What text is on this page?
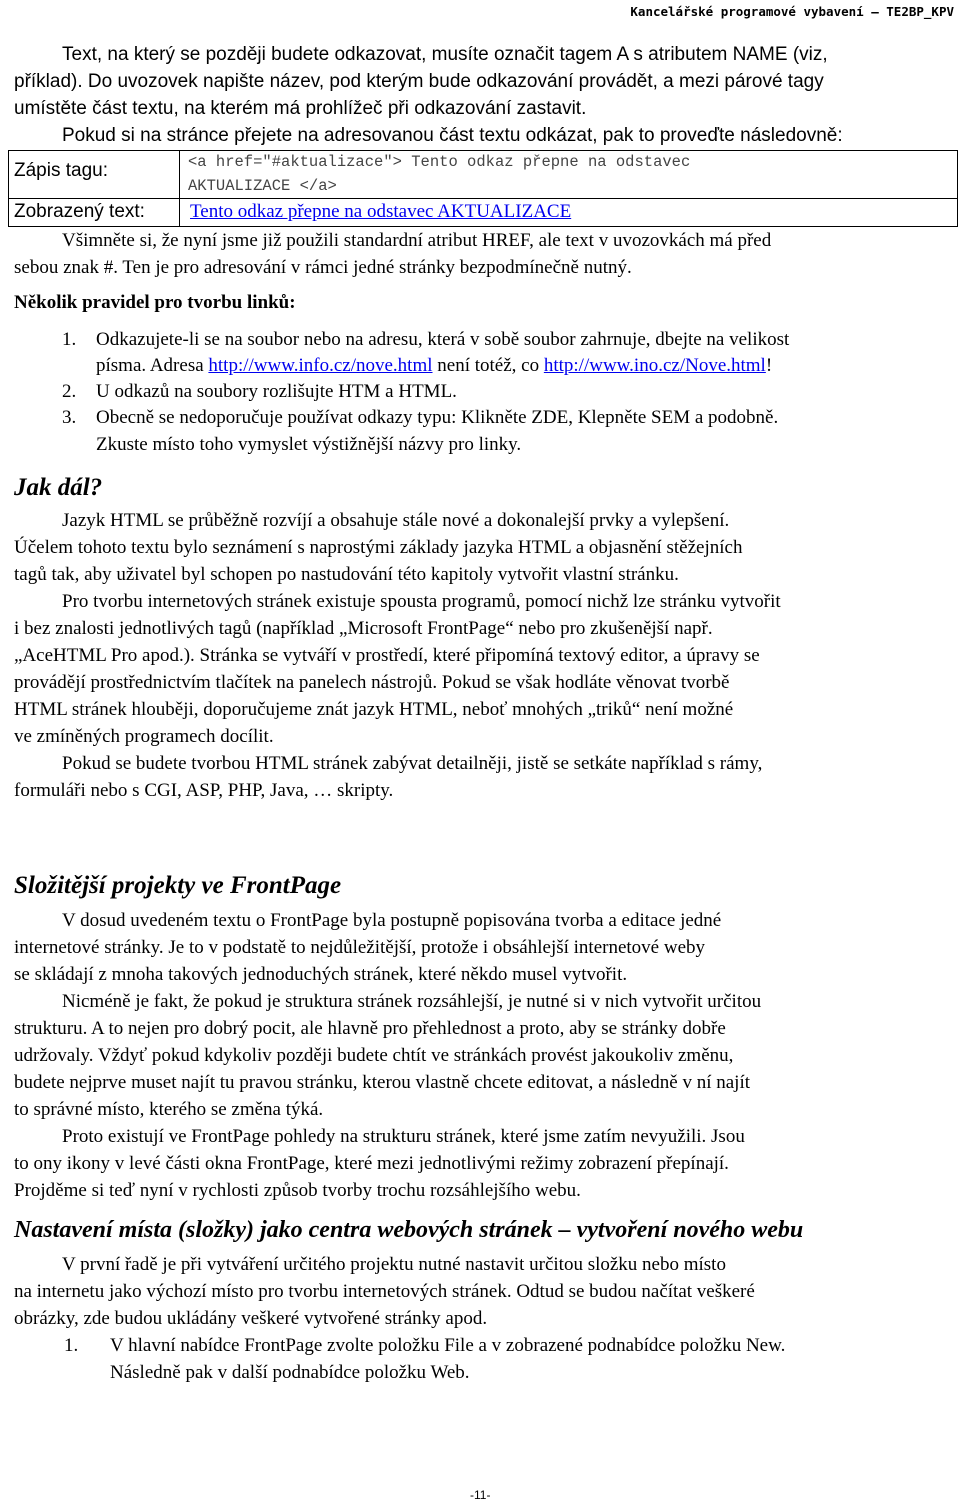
Kancelářské programové vybavení – TE2BP_KPV
Text, na který se později budete odkazovat, musíte označit tagem A s atributem NAME (viz,
příklad). Do uvozovek napište název, pod kterým bude odkazování provádět, a mezi párové tagy
umístěte část textu, na kterém má prohlížeč při odkazování zastavit.
Pokud si na stránce přejete na adresovanou část textu odkázat, pak to proveďte následovně:
Zápis tagu:	<a href="#aktualizace"> Tento odkaz přepne na odstavec
AKTUALIZACE </a>
Zobrazený text: Tento odkaz přepne na odstavec AKTUALIZACE
Všimněte si, že nyní jsme již použili standardní atribut HREF, ale text v uvozovkách má před
sebou znak #. Ten je pro adresování v rámci jedné stránky bezpodmínečně nutný.
Několik pravidel pro tvorbu linků:
1. Odkazujete-li se na soubor nebo na adresu, která v sobě soubor zahrnuje, dbejte na velikost
písma. Adresa http://www.info.cz/nove.html není totéž, co http://www.ino.cz/Nove.html!
2. U odkazů na soubory rozlišujte HTM a HTML.
3. Obecně se nedoporučuje používat odkazy typu: Klikněte ZDE, Klepněte SEM a podobně.
Zkuste místo toho vymyslet výstižnější názvy pro linky.
Jak dál?
Jazyk HTML se průběžně rozvíjí a obsahuje stále nové a dokonalejší prvky a vylepšení.
Účelem tohoto textu bylo seznámení s naprostými základy jazyka HTML a objasnění stěžejních
tagů tak, aby uživatel byl schopen po nastudování této kapitoly vytvořit vlastní stránku.
Pro tvorbu internetových stránek existuje spousta programů, pomocí nichž lze stránku vytvořit
i bez znalosti jednotlivých tagů (například „Microsoft FrontPage“ nebo pro zkušenější např.
„AceHTML Pro apod.). Stránka se vytváří v prostředí, které připomíná textový editor, a úpravy se
provádějí prostřednictvím tlačítek na panelech nástrojů. Pokud se však hodláte věnovat tvorbě
HTML stránek hlouběji, doporučujeme znát jazyk HTML, neboť mnohých „triků“ není možné
ve zmíněných programech docílit.
Pokud se budete tvorbou HTML stránek zabývat detailněji, jistě se setkáte například s rámy,
formuláři nebo s CGI, ASP, PHP, Java, … skripty.
Složitější projekty ve FrontPage
V dosud uvedeném textu o FrontPage byla postupně popisována tvorba a editace jedné
internetové stránky. Je to v podstatě to nejdůležitější, protože i obsáhlejší internetové weby
se skládají z mnoha takových jednoduchých stránek, které někdo musel vytvořit.
Nicméně je fakt, že pokud je struktura stránek rozsáhlejší, je nutné si v nich vytvořit určitou
strukturu. A to nejen pro dobrý pocit, ale hlavně pro přehlednost a proto, aby se stránky dobře
udržovaly. Vždyť pokud kdykoliv později budete chtít ve stránkách provést jakoukoliv změnu,
budete nejprve muset najít tu pravou stránku, kterou vlastně chcete editovat, a následně v ní najít
to správné místo, kterého se změna týká.
Proto existují ve FrontPage pohledy na strukturu stránek, které jsme zatím nevyužili. Jsou
to ony ikony v levé části okna FrontPage, které mezi jednotlivými režimy zobrazení přepínají.
Projděme si teď nyní v rychlosti způsob tvorby trochu rozsáhlejšího webu.
Nastavení místa (složky) jako centra webových stránek – vytvoření nového webu
V první řadě je při vytváření určitého projektu nutné nastavit určitou složku nebo místo
na internetu jako výchozí místo pro tvorbu internetových stránek. Odtud se budou načítat veškeré
obrázky, zde budou ukládány veškeré vytvořené stránky apod.
1. V hlavní nabídce FrontPage zvolte položku File a v zobrazené podnabídce položku New.
Následně pak v další podnabídce položku Web.
-11-
